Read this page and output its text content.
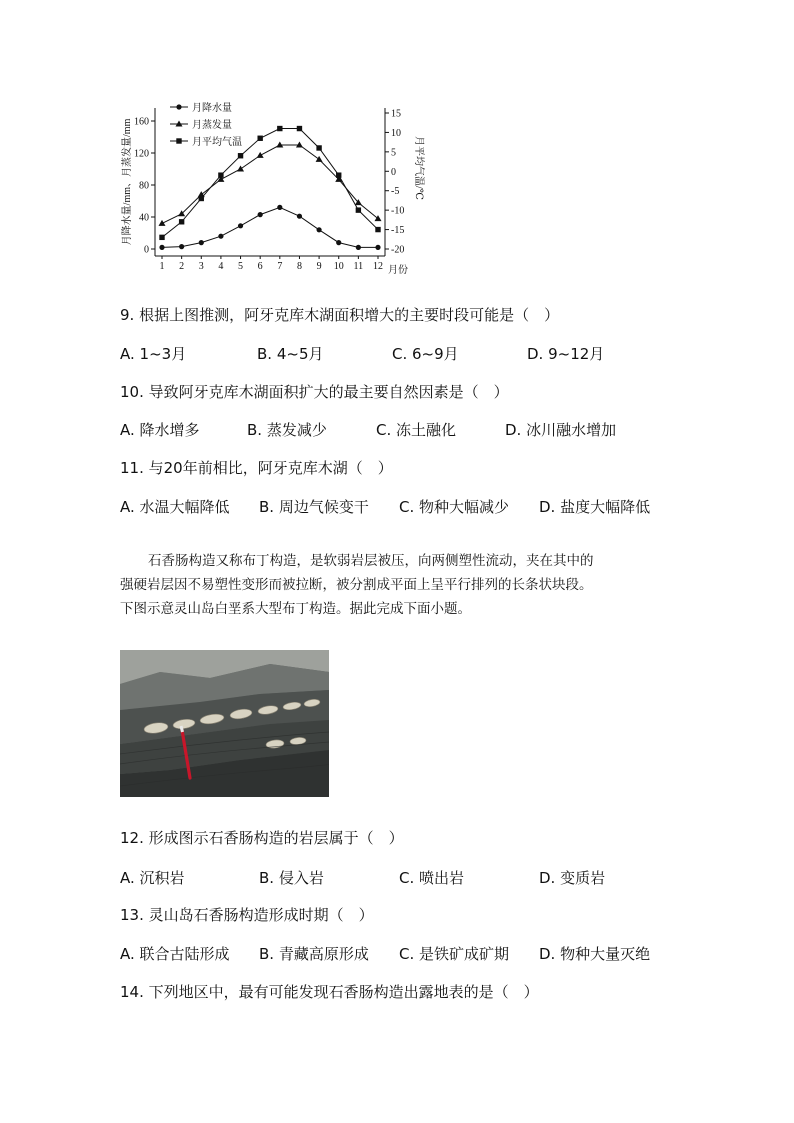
0
40
80
120
160
15
10
5
0
-5
-10
-15
-20
1 2 3 4 5 6 7 8 9 10 11 12 月份
月降水量/mm、月蒸发量/mm	月平均气温/℃
月降水量
月蒸发量
月平均气温
9. 根据上图推测，阿牙克库木湖面积增大的主要时段可能是（　）
A. 1~3月	B. 4~5月	C. 6~9月	D. 9~12月
10. 导致阿牙克库木湖面积扩大的最主要自然因素是（　）
A. 降水增多	B. 蒸发减少	C. 冻土融化	D. 冰川融水增加
11. 与20年前相比，阿牙克库木湖（　）
A. 水温大幅降低 B. 周边气候变干 C. 物种大幅减少 D. 盐度大幅降低

石香肠构造又称布丁构造，是软弱岩层被压，向两侧塑性流动，夹在其中的

强硬岩层因不易塑性变形而被拉断，被分割成平面上呈平行排列的长条状块段。

下图示意灵山岛白垩系大型布丁构造。据此完成下面小题。

12. 形成图示石香肠构造的岩层属于（　）
A. 沉积岩	B. 侵入岩	C. 喷出岩	D. 变质岩
13. 灵山岛石香肠构造形成时期（　）
A. 联合古陆形成 B. 青藏高原形成 C. 是铁矿成矿期 D. 物种大量灭绝
14. 下列地区中，最有可能发现石香肠构造出露地表的是（　）
